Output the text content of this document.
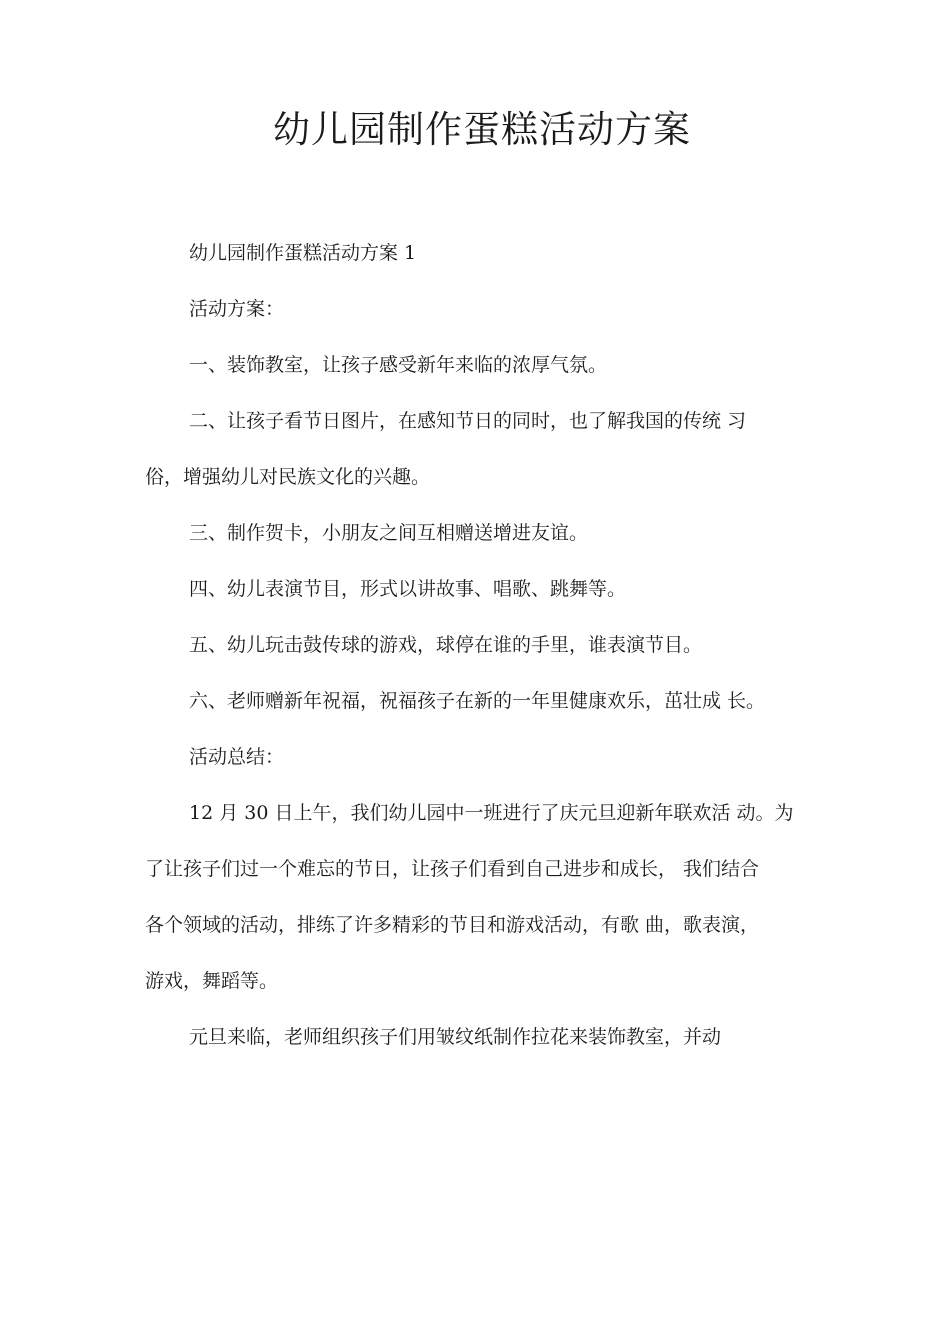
幼儿园制作蛋糕活动方案

幼儿园制作蛋糕活动方案 1

活动方案：

一、装饰教室，让孩子感受新年来临的浓厚气氛。

二、让孩子看节日图片，在感知节日的同时，也了解我国的传统 习

俗，增强幼儿对民族文化的兴趣。

三、制作贺卡，小朋友之间互相赠送增进友谊。

四、幼儿表演节目，形式以讲故事、唱歌、跳舞等。

五、幼儿玩击鼓传球的游戏，球停在谁的手里，谁表演节目。

六、老师赠新年祝福，祝福孩子在新的一年里健康欢乐，茁壮成 长。

活动总结：

12 月 30 日上午，我们幼儿园中一班进行了庆元旦迎新年联欢活 动。为

了让孩子们过一个难忘的节日，让孩子们看到自己进步和成长， 我们结合

各个领域的活动，排练了许多精彩的节目和游戏活动，有歌 曲，歌表演，

游戏，舞蹈等。

元旦来临，老师组织孩子们用皱纹纸制作拉花来装饰教室，并动
